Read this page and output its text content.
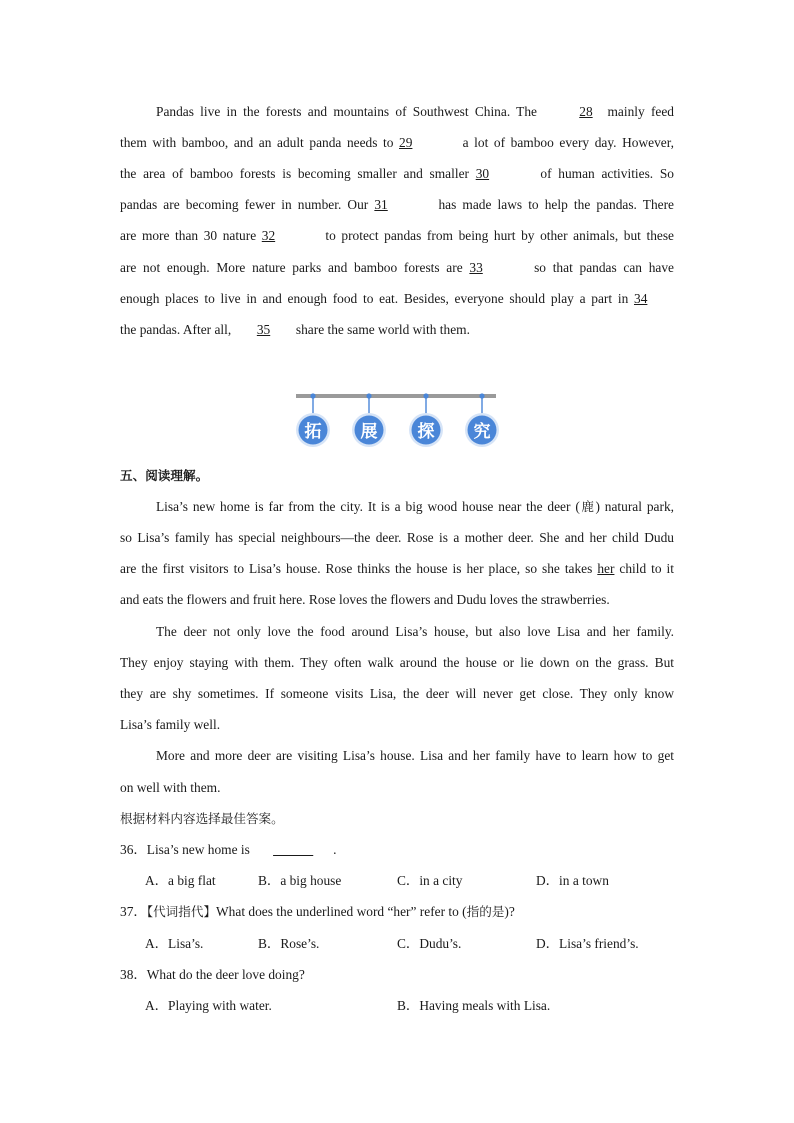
Pandas live in the forests and mountains of Southwest China. The	28 mainly feed
them with bamboo, and an adult panda needs to 29	a lot of bamboo every day. However,
the area of bamboo forests is becoming smaller and smaller 30	of human activities. So
pandas are becoming fewer in number. Our 31	has made laws to help the pandas. There
are more than 30 nature 32	to protect pandas from being hurt by other animals, but these
are not enough. More nature parks and bamboo forests are 33	so that pandas can have
enough places to live in and enough food to eat. Besides, everyone should play a part in 34
the pandas. After all, 35 share the same world with them.
拓 展 探 究
五、阅读理解。
Lisa’s new home is far from the city. It is a big wood house near the deer (鹿) natural park,
so Lisa’s family has special neighbours—the deer. Rose is a mother deer. She and her child Dudu
are the first visitors to Lisa’s house. Rose thinks the house is her place, so she takes her child to it
and eats the flowers and fruit here. Rose loves the flowers and Dudu loves the strawberries.
The deer not only love the food around Lisa’s house, but also love Lisa and her family.
They enjoy staying with them. They often walk around the house or lie down on the grass. But
they are shy sometimes. If someone visits Lisa, the deer will never get close. They only know
Lisa’s family well.
More and more deer are visiting Lisa’s house. Lisa and her family have to learn how to get
on well with them.
根据材料内容选择最佳答案。
36．Lisa’s new home is	.
A．a big flat	B．a big house	C．in a city	D．in a town
37．【代词指代】What does the underlined word “her” refer to (指的是)?
A．Lisa’s.	B．Rose’s.	C．Dudu’s.	D．Lisa’s friend’s.
38．What do the deer love doing?
A．Playing with water.	B．Having meals with Lisa.
